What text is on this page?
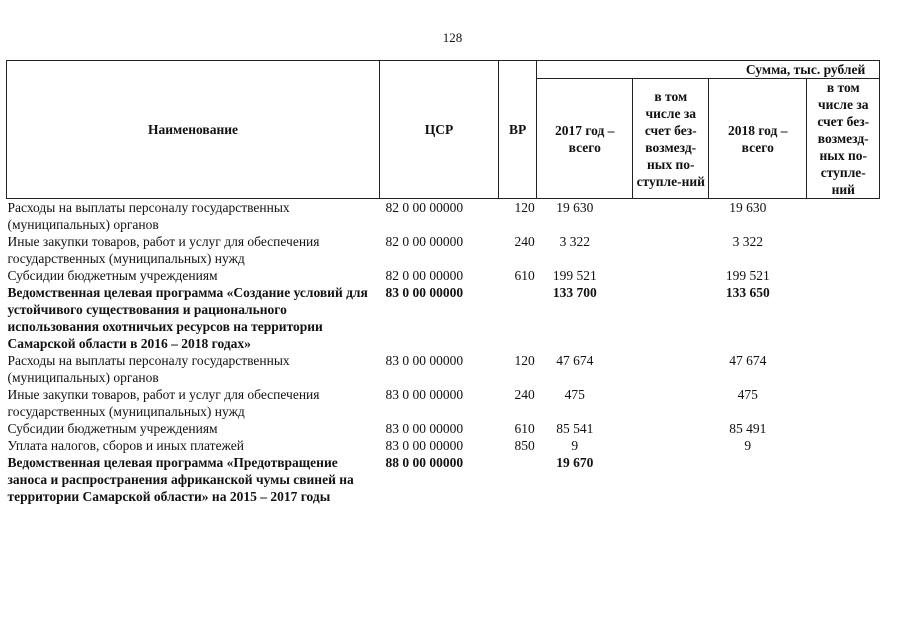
128
Наименование	ЦСР	ВР	Сумма, тыс. рублей			
			2017 год – всего	в том числе за счет без-возмезд-ных по-ступле-ний	2018 год – всего	в том числе за счет без-возмезд-ных по-ступле-ний
Расходы на выплаты персоналу государственных (муниципальных) органов	82 0 00 00000	120	19 630		19 630	
Иные закупки товаров, работ и услуг для обеспечения государственных (муниципальных) нужд	82 0 00 00000	240	3 322		3 322	
Субсидии бюджетным учреждениям	82 0 00 00000	610	199 521		199 521	
Ведомственная целевая программа «Создание условий для устойчивого существования и рационального использования охотничьих ресурсов на территории Самарской области в 2016 – 2018 годах»	83 0 00 00000		133 700		133 650	
Расходы на выплаты персоналу государственных (муниципальных) органов	83 0 00 00000	120	47 674		47 674	
Иные закупки товаров, работ и услуг для обеспечения государственных (муниципальных) нужд	83 0 00 00000	240	475		475	
Субсидии бюджетным учреждениям	83 0 00 00000	610	85 541		85 491	
Уплата налогов, сборов и иных платежей	83 0 00 00000	850	9		9	
Ведомственная целевая программа «Предотвращение заноса и распространения африканской чумы свиней на территории Самарской области» на 2015 – 2017 годы	88 0 00 00000		19 670			
